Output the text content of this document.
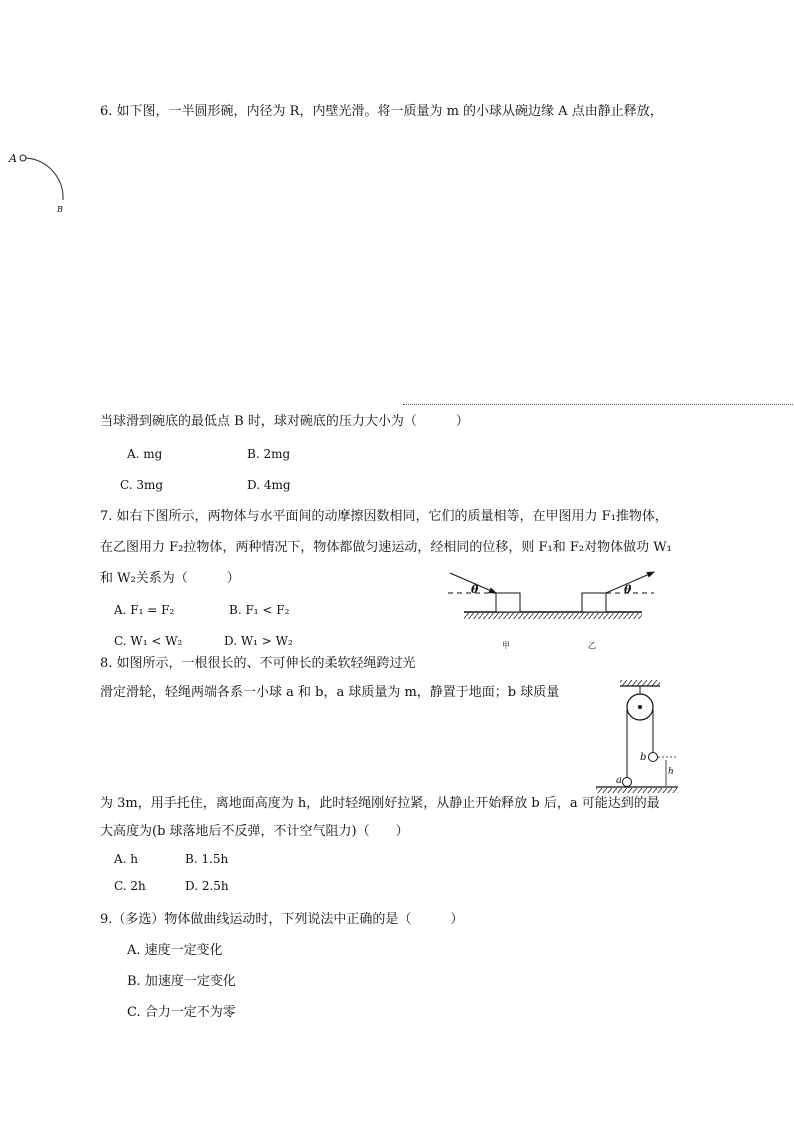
6. 如下图，一半圆形碗，内径为 R，内壁光滑。将一质量为 m 的小球从碗边缘 A 点由静止释放，
A
B
当球滑到碗底的最低点 B 时，球对碗底的压力大小为（　　　）
A. mg	B. 2mg
C. 3mg	D. 4mg
7. 如右下图所示，两物体与水平面间的动摩擦因数相同，它们的质量相等，在甲图用力 F₁推物体，
在乙图用力 F₂拉物体，两种情况下，物体都做匀速运动，经相同的位移，则 F₁和 F₂对物体做功 W₁
和 W₂关系为（　　　）
A. F₁ = F₂	B. F₁ < F₂
C. W₁ < W₂	D. W₁ > W₂
θ	θ
甲	乙
8. 如图所示，一根很长的、不可伸长的柔软轻绳跨过光
滑定滑轮，轻绳两端各系一小球 a 和 b，a 球质量为 m，静置于地面；b 球质量
为 3m，用手托住，离地面高度为 h，此时轻绳刚好拉紧，从静止开始释放 b 后，a 可能达到的最
大高度为(b 球落地后不反弹，不计空气阻力)（　　）
A. h	B. 1.5h
C. 2h	D. 2.5h
b
a
h
9.（多选）物体做曲线运动时，下列说法中正确的是（　　　）
A. 速度一定变化
B. 加速度一定变化
C. 合力一定不为零
